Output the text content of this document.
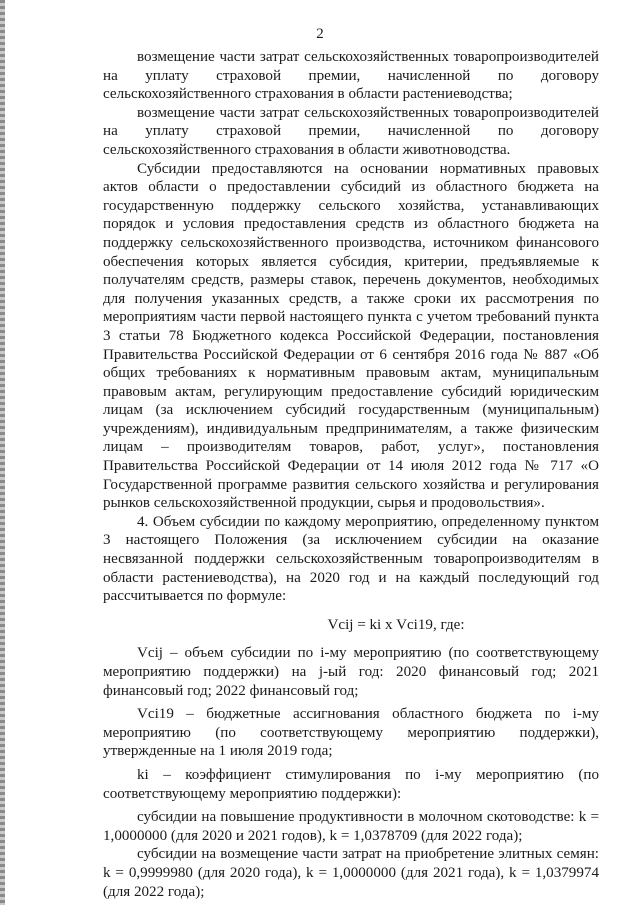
2

возмещение части затрат сельскохозяйственных товаропроизводителей на уплату страховой премии, начисленной по договору сельскохозяйственного страхования в области растениеводства;

возмещение части затрат сельскохозяйственных товаропроизводителей на уплату страховой премии, начисленной по договору сельскохозяйственного страхования в области животноводства.

Субсидии предоставляются на основании нормативных правовых актов области о предоставлении субсидий из областного бюджета на государственную поддержку сельского хозяйства, устанавливающих порядок и условия предоставления средств из областного бюджета на поддержку сельскохозяйственного производства, источником финансового обеспечения которых является субсидия, критерии, предъявляемые к получателям средств, размеры ставок, перечень документов, необходимых для получения указанных средств, а также сроки их рассмотрения по мероприятиям части первой настоящего пункта с учетом требований пункта 3 статьи 78 Бюджетного кодекса Российской Федерации, постановления Правительства Российской Федерации от 6 сентября 2016 года № 887 «Об общих требованиях к нормативным правовым актам, муниципальным правовым актам, регулирующим предоставление субсидий юридическим лицам (за исключением субсидий государственным (муниципальным) учреждениям), индивидуальным предпринимателям, а также физическим лицам – производителям товаров, работ, услуг», постановления Правительства Российской Федерации от 14 июля 2012 года № 717 «О Государственной программе развития сельского хозяйства и регулирования рынков сельскохозяйственной продукции, сырья и продовольствия».

4. Объем субсидии по каждому мероприятию, определенному пунктом 3 настоящего Положения (за исключением субсидии на оказание несвязанной поддержки сельскохозяйственным товаропроизводителям в области растениеводства), на 2020 год и на каждый последующий год рассчитывается по формуле:

Vcij = ki x Vci19, где:

Vcij – объем субсидии по i-му мероприятию (по соответствующему мероприятию поддержки) на j-ый год: 2020 финансовый год; 2021 финансовый год; 2022 финансовый год;

Vci19 – бюджетные ассигнования областного бюджета по i-му мероприятию (по соответствующему мероприятию поддержки), утвержденные на 1 июля 2019 года;

ki – коэффициент стимулирования по i-му мероприятию (по соответствующему мероприятию поддержки):

субсидии на повышение продуктивности в молочном скотоводстве: k = 1,0000000 (для 2020 и 2021 годов), k = 1,0378709 (для 2022 года);

субсидии на возмещение части затрат на приобретение элитных семян: k = 0,9999980 (для 2020 года), k = 1,0000000 (для 2021 года), k = 1,0379974 (для 2022 года);
